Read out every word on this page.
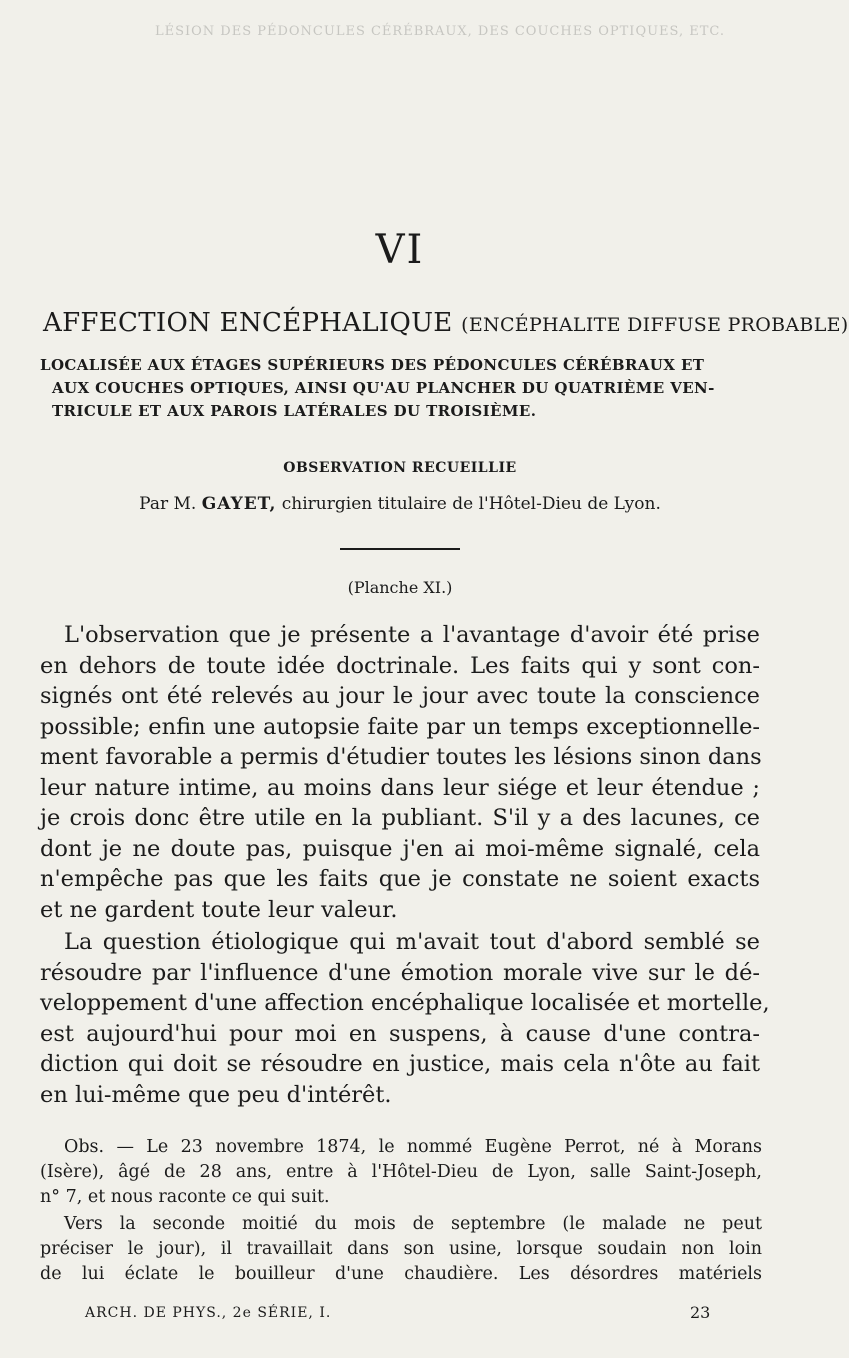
LÉSION DES PÉDONCULES CÉRÉBRAUX, DES COUCHES OPTIQUES, ETC.
VI
AFFECTION ENCÉPHALIQUE (ENCÉPHALITE DIFFUSE PROBABLE)
LOCALISÉE AUX ÉTAGES SUPÉRIEURS DES PÉDONCULES CÉRÉBRAUX ET
AUX COUCHES OPTIQUES, AINSI QU'AU PLANCHER DU QUATRIÈME VEN-
TRICULE ET AUX PAROIS LATÉRALES DU TROISIÈME.
OBSERVATION RECUEILLIE
Par M. GAYET, chirurgien titulaire de l'Hôtel-Dieu de Lyon.
(Planche XI.)
L'observation que je présente a l'avantage d'avoir été prise
en dehors de toute idée doctrinale. Les faits qui y sont con-
signés ont été relevés au jour le jour avec toute la conscience
possible; enfin une autopsie faite par un temps exceptionnelle-
ment favorable a permis d'étudier toutes les lésions sinon dans
leur nature intime, au moins dans leur siége et leur étendue ;
je crois donc être utile en la publiant. S'il y a des lacunes, ce
dont je ne doute pas, puisque j'en ai moi-même signalé, cela
n'empêche pas que les faits que je constate ne soient exacts
et ne gardent toute leur valeur.
La question étiologique qui m'avait tout d'abord semblé se
résoudre par l'influence d'une émotion morale vive sur le dé-
veloppement d'une affection encéphalique localisée et mortelle,
est aujourd'hui pour moi en suspens, à cause d'une contra-
diction qui doit se résoudre en justice, mais cela n'ôte au fait
en lui-même que peu d'intérêt.
Obs. — Le 23 novembre 1874, le nommé Eugène Perrot, né à Morans
(Isère), âgé de 28 ans, entre à l'Hôtel-Dieu de Lyon, salle Saint-Joseph,
n° 7, et nous raconte ce qui suit.
Vers la seconde moitié du mois de septembre (le malade ne peut
préciser le jour), il travaillait dans son usine, lorsque soudain non loin
de lui éclate le bouilleur d'une chaudière. Les désordres matériels
ARCH. DE PHYS., 2e SÉRIE, I.	23
